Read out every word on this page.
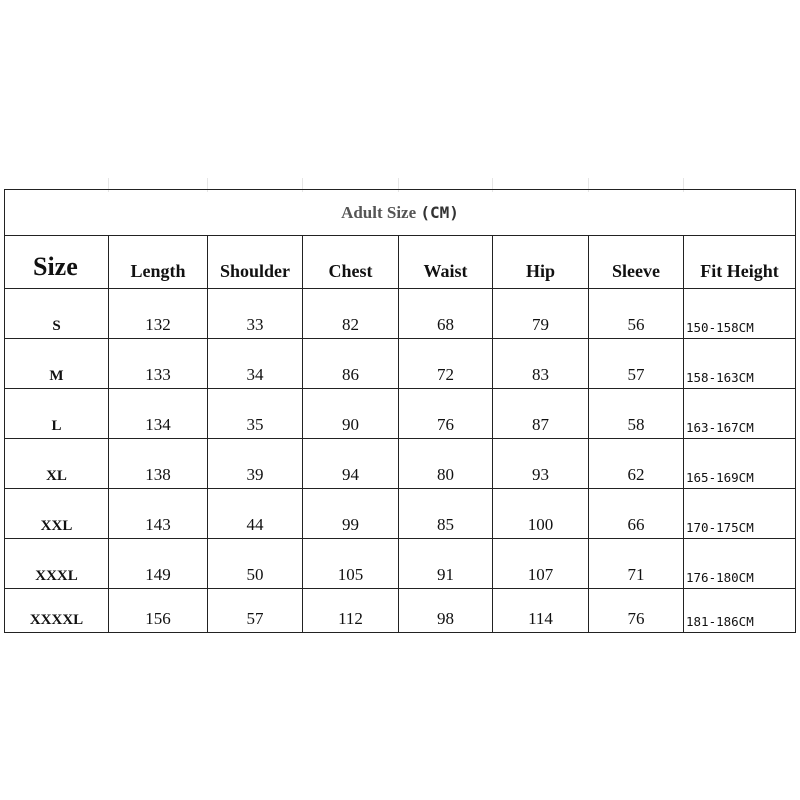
Adult Size (CM)							
Size	Length	Shoulder	Chest	Waist	Hip	Sleeve	Fit Height
S	132	33	82	68	79	56	150-158CM
M	133	34	86	72	83	57	158-163CM
L	134	35	90	76	87	58	163-167CM
XL	138	39	94	80	93	62	165-169CM
XXL	143	44	99	85	100	66	170-175CM
XXXL	149	50	105	91	107	71	176-180CM
XXXXL	156	57	112	98	114	76	181-186CM
